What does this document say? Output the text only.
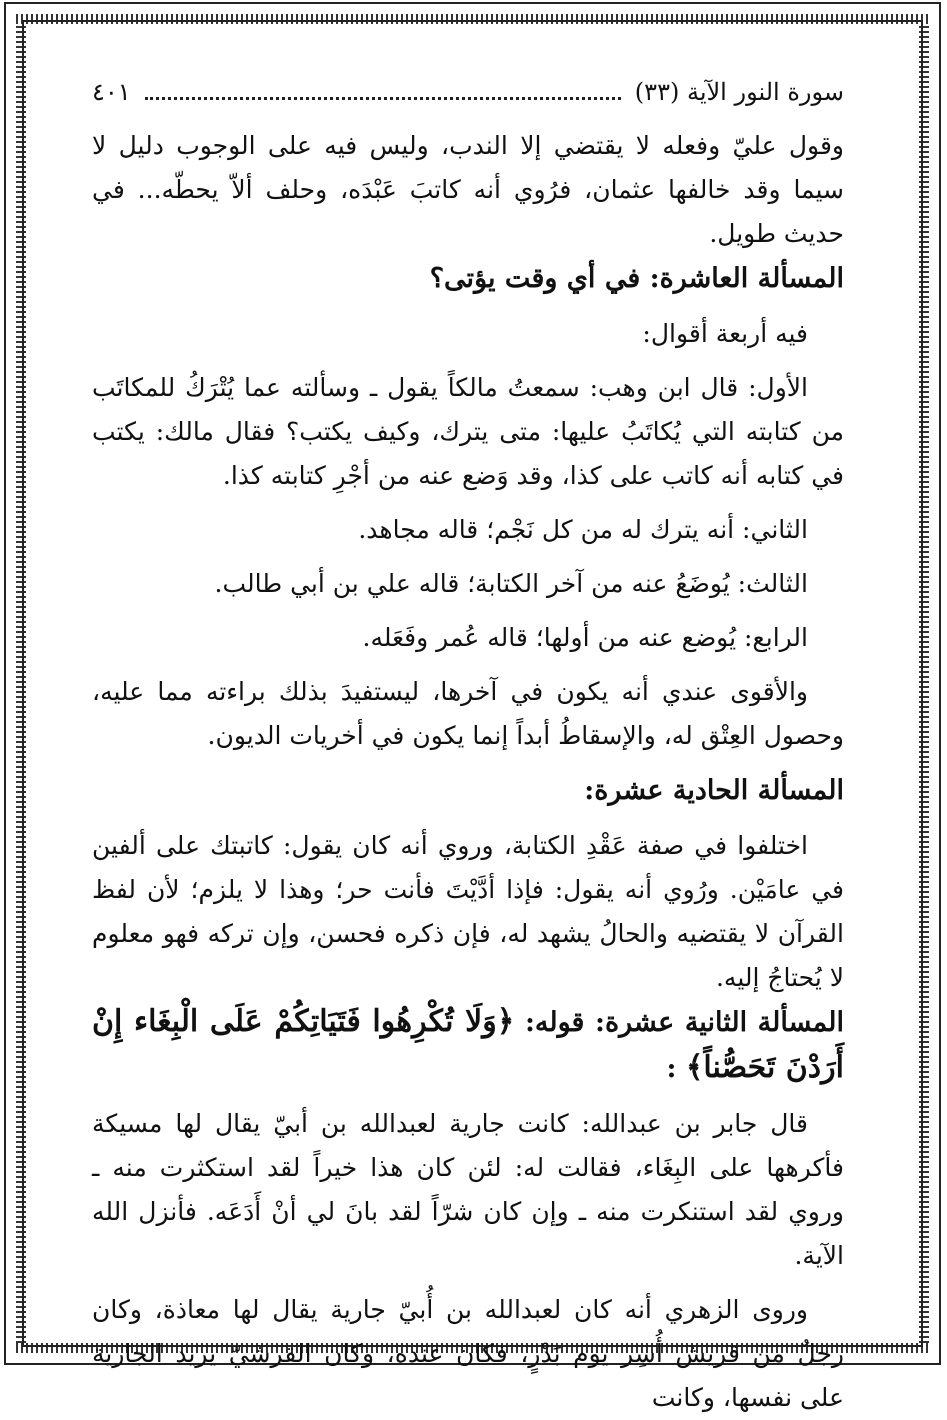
سورة النور الآية (٣٣)
٤٠١

وقول عليّ وفعله لا يقتضي إلا الندب، وليس فيه على الوجوب دليل لا سيما وقد خالفها عثمان، فرُوي أنه كاتبَ عَبْدَه، وحلف ألاّ يحطّه... في حديث طويل.

المسألة العاشرة: في أي وقت يؤتى؟

فيه أربعة أقوال:

الأول: قال ابن وهب: سمعتُ مالكاً يقول ـ وسألته عما يُتْرَكُ للمكاتَب من كتابته التي يُكاتَبُ عليها: متى يترك، وكيف يكتب؟ فقال مالك: يكتب في كتابه أنه كاتب على كذا، وقد وَضع عنه من أجْرِ كتابته كذا.

الثاني: أنه يترك له من كل نَجْم؛ قاله مجاهد.

الثالث: يُوضَعُ عنه من آخر الكتابة؛ قاله علي بن أبي طالب.

الرابع: يُوضع عنه من أولها؛ قاله عُمر وفَعَله.

والأقوى عندي أنه يكون في آخرها، ليستفيدَ بذلك براءته مما عليه، وحصول العِتْق له، والإسقاطُ أبداً إنما يكون في أخريات الديون.

المسألة الحادية عشرة:

اختلفوا في صفة عَقْدِ الكتابة، وروي أنه كان يقول: كاتبتك على ألفين في عامَيْن. ورُوي أنه يقول: فإذا أدَّيْتَ فأنت حر؛ وهذا لا يلزم؛ لأن لفظ القرآن لا يقتضيه والحالُ يشهد له، فإن ذكره فحسن، وإن تركه فهو معلوم لا يُحتاجُ إليه.

المسألة الثانية عشرة: قوله: ﴿وَلَا تُكْرِهُوا فَتَيَاتِكُمْ عَلَى الْبِغَاء إِنْ أَرَدْنَ تَحَصُّناً﴾ :

قال جابر بن عبدالله: كانت جارية لعبدالله بن أبيّ يقال لها مسيكة فأكرهها على البِغَاء، فقالت له: لئن كان هذا خيراً لقد استكثرت منه ـ وروي لقد استنكرت منه ـ وإن كان شرّاً لقد بانَ لي أنْ أَدَعَه. فأنزل الله الآية.

وروى الزهري أنه كان لعبدالله بن أُبيّ جارية يقال لها معاذة، وكان رجلٌ من قريش أُسِر يوم بَدْرٍ، فكان عنده، وكان القرشيّ يريد الجارية على نفسها، وكانت
